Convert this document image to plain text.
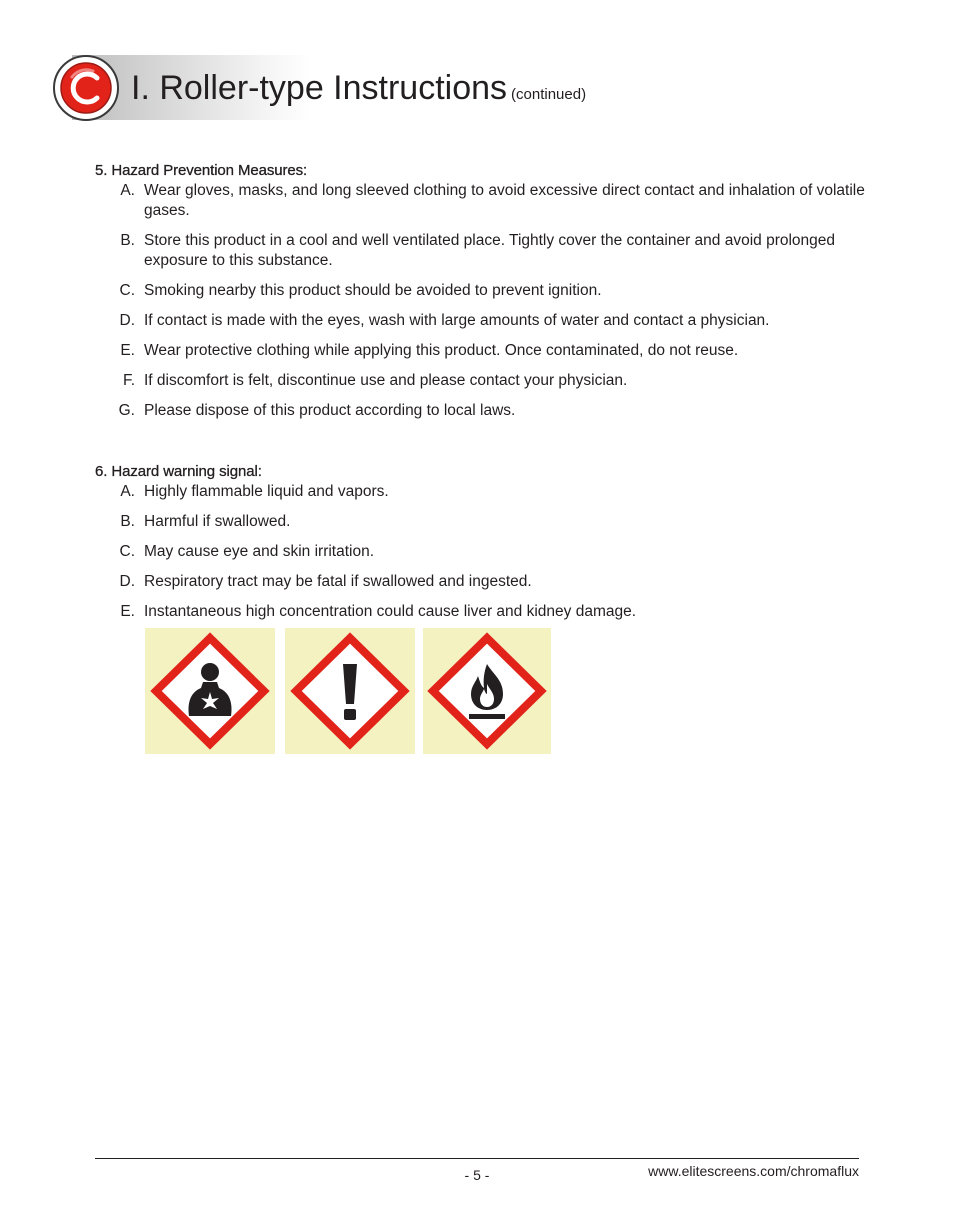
I. Roller-type Instructions (continued)
5. Hazard Prevention Measures:
A. Wear gloves, masks, and long sleeved clothing to avoid excessive direct contact and inhalation of volatile gases.
B. Store this product in a cool and well ventilated place. Tightly cover the container and avoid prolonged exposure to this substance.
C. Smoking nearby this product should be avoided to prevent ignition.
D. If contact is made with the eyes, wash with large amounts of water and contact a physician.
E. Wear protective clothing while applying this product. Once contaminated, do not reuse.
F. If discomfort is felt, discontinue use and please contact your physician.
G. Please dispose of this product according to local laws.
6. Hazard warning signal:
A. Highly flammable liquid and vapors.
B. Harmful if swallowed.
C. May cause eye and skin irritation.
D. Respiratory tract may be fatal if swallowed and ingested.
E. Instantaneous high concentration could cause liver and kidney damage.
- 5 -	www.elitescreens.com/chromaflux
